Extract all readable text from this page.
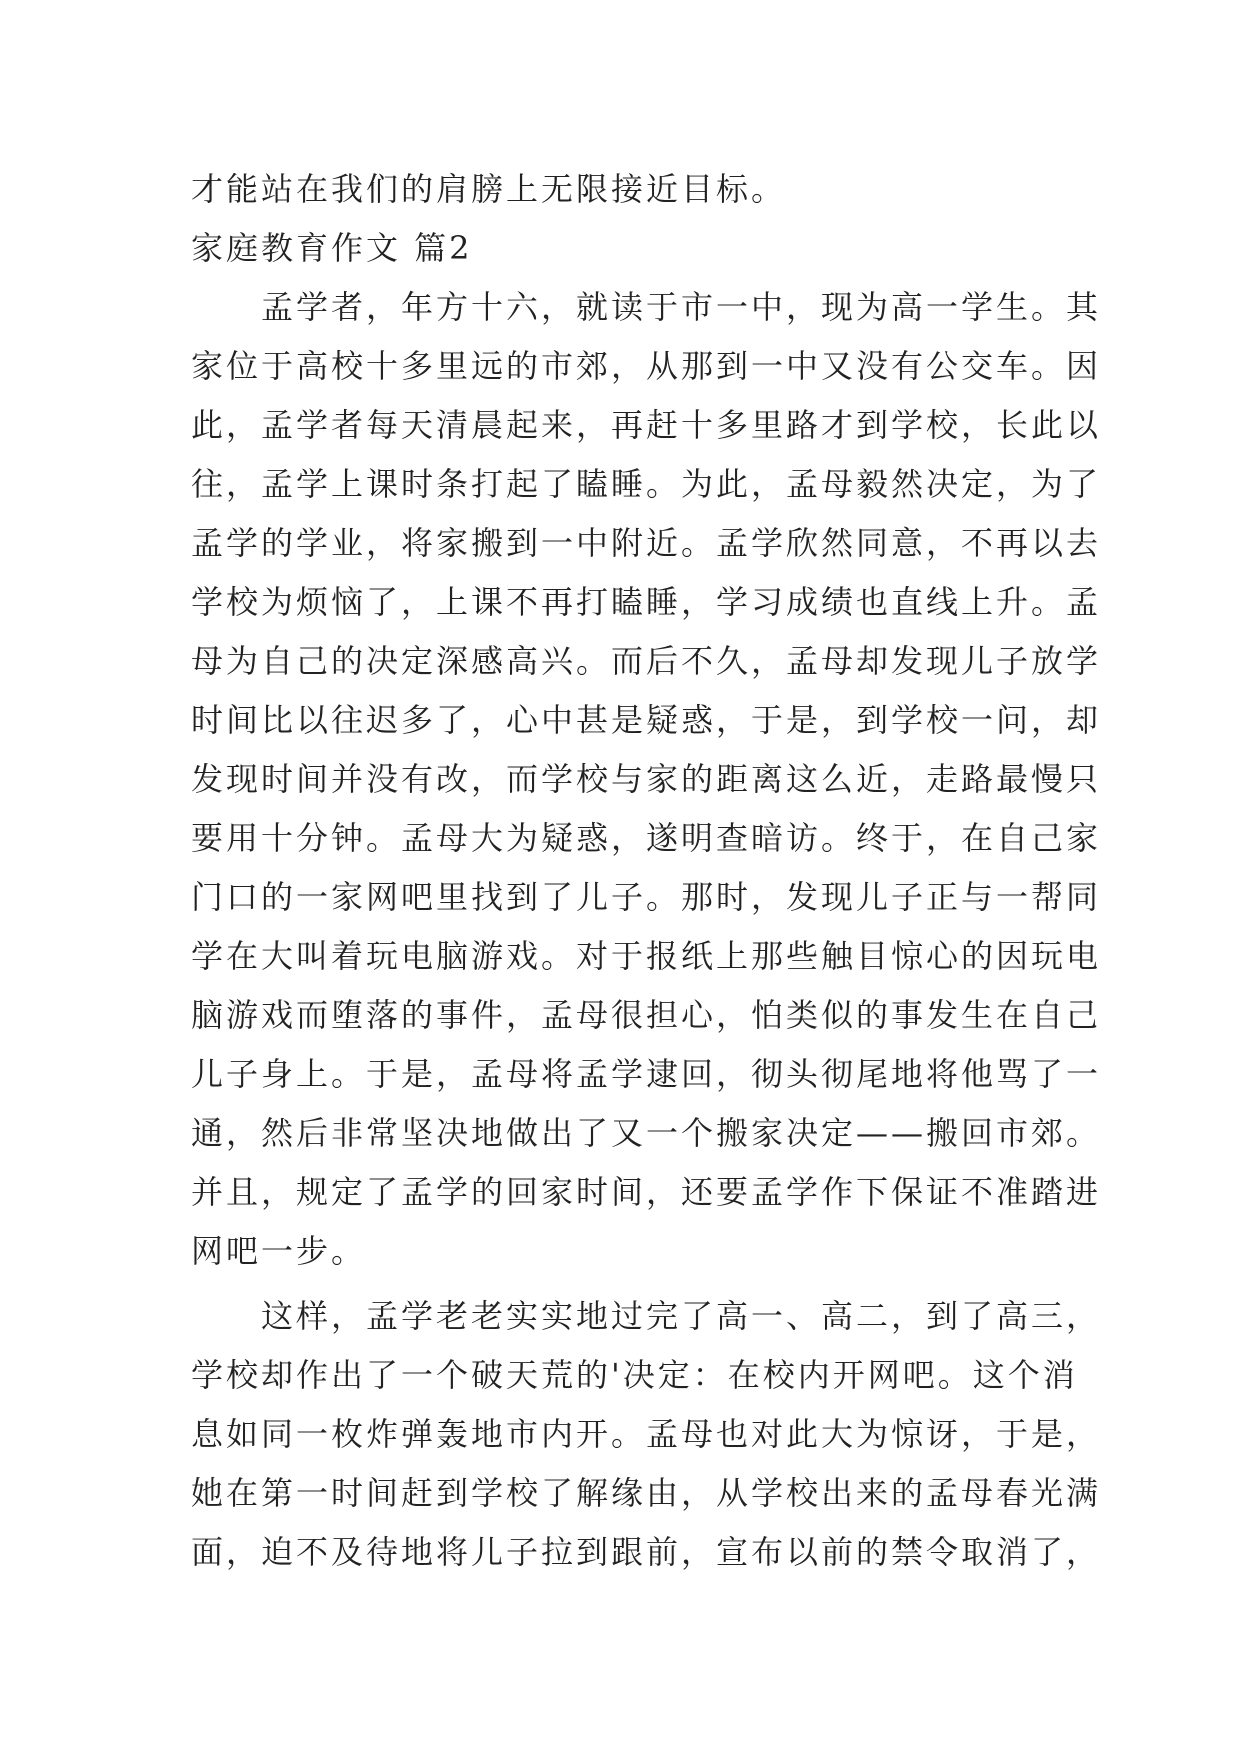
才能站在我们的肩膀上无限接近目标。
家庭教育作文 篇2
　　孟学者，年方十六，就读于市一中，现为高一学生。其
家位于高校十多里远的市郊，从那到一中又没有公交车。因
此，孟学者每天清晨起来，再赶十多里路才到学校，长此以
往，孟学上课时条打起了瞌睡。为此，孟母毅然决定，为了
孟学的学业，将家搬到一中附近。孟学欣然同意，不再以去
学校为烦恼了，上课不再打瞌睡，学习成绩也直线上升。孟
母为自己的决定深感高兴。而后不久，孟母却发现儿子放学
时间比以往迟多了，心中甚是疑惑，于是，到学校一问，却
发现时间并没有改，而学校与家的距离这么近，走路最慢只
要用十分钟。孟母大为疑惑，遂明查暗访。终于，在自己家
门口的一家网吧里找到了儿子。那时，发现儿子正与一帮同
学在大叫着玩电脑游戏。对于报纸上那些触目惊心的因玩电
脑游戏而堕落的事件，孟母很担心，怕类似的事发生在自己
儿子身上。于是，孟母将孟学逮回，彻头彻尾地将他骂了一
通，然后非常坚决地做出了又一个搬家决定——搬回市郊。
并且，规定了孟学的回家时间，还要孟学作下保证不准踏进
网吧一步。
　　这样，孟学老老实实地过完了高一、高二，到了高三，
学校却作出了一个破天荒的'决定：在校内开网吧。这个消
息如同一枚炸弹轰地市内开。孟母也对此大为惊讶，于是，
她在第一时间赶到学校了解缘由，从学校出来的孟母春光满
面，迫不及待地将儿子拉到跟前，宣布以前的禁令取消了，
